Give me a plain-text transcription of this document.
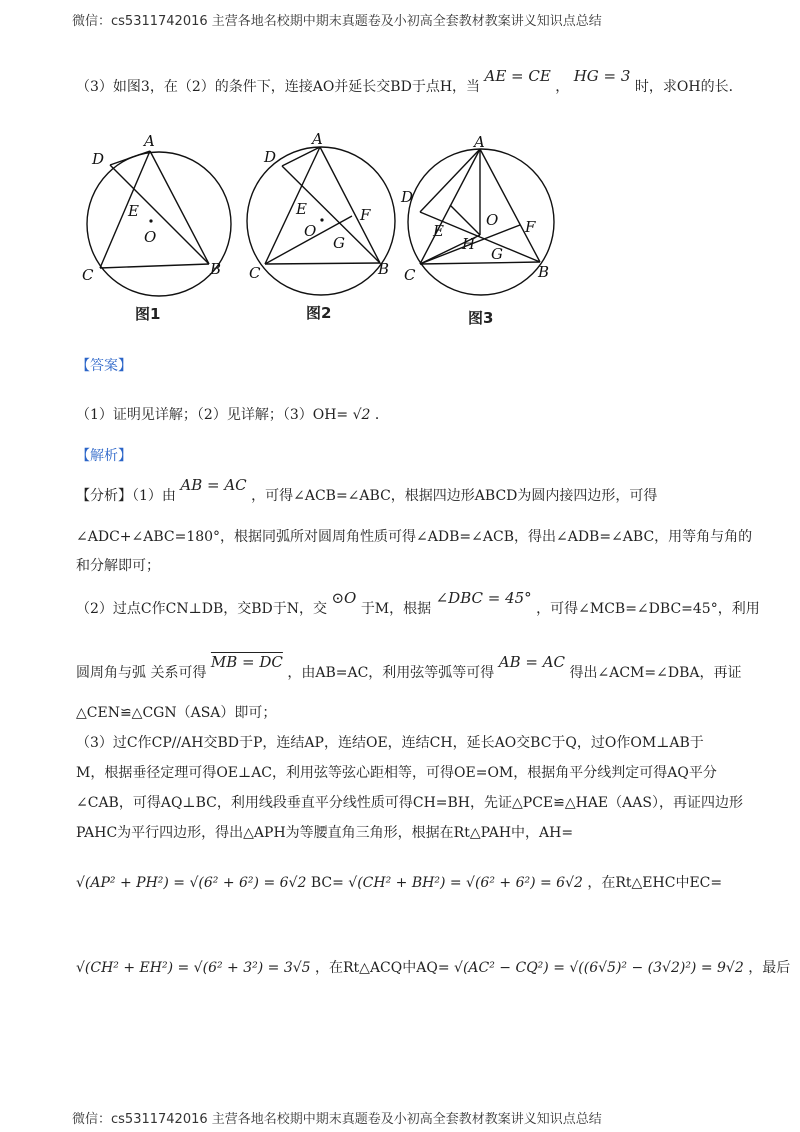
微信：cs5311742016 主营各地名校期中期末真题卷及小初高全套教材教案讲义知识点总结
（3）如图3，在（2）的条件下，连接AO并延长交BD于点H，当 AE = CE ， HG = 3 时，求OH的长．
A
B
C
D
E
O
图1
A
B
C
D
E
O
F
G
图2
A
B
C
D
E
O F
G
H
图3
【答案】
（1）证明见详解；（2）见详解；（3）OH= √2 ．
【解析】
【分析】（1）由 AB = AC ，可得∠ACB=∠ABC，根据四边形ABCD为圆内接四边形，可得
∠ADC+∠ABC=180°，根据同弧所对圆周角性质可得∠ADB=∠ACB，得出∠ADB=∠ABC，用等角与角的
和分解即可；
（2）过点C作CN⊥DB，交BD于N，交 ⊙O 于M，根据 ∠DBC = 45° ，可得∠MCB=∠DBC=45°，利用
圆周角与弧 关系可得 MB = DC ，由AB=AC，利用弦等弧等可得 AB = AC 得出∠ACM=∠DBA，再证
△CEN≌△CGN（ASA）即可；
（3）过C作CP//AH交BD于P，连结AP，连结OE，连结CH，延长AO交BC于Q，过O作OM⊥AB于
M，根据垂径定理可得OE⊥AC，利用弦等弦心距相等，可得OE=OM，根据角平分线判定可得AQ平分
∠CAB，可得AQ⊥BC，利用线段垂直平分线性质可得CH=BH，先证△PCE≌△HAE（AAS），再证四边形
PAHC为平行四边形，得出△APH为等腰直角三角形，根据在Rt△PAH中，AH=
√(AP² + PH²) = √(6² + 6²) = 6√2 BC= √(CH² + BH²) = √(6² + 6²) = 6√2 ，在Rt△EHC中EC=
√(CH² + EH²) = √(6² + 3²) = 3√5 ，在Rt△ACQ中AQ= √(AC² − CQ²) = √((6√5)² − (3√2)²) = 9√2 ，最后
微信：cs5311742016 主营各地名校期中期末真题卷及小初高全套教材教案讲义知识点总结
